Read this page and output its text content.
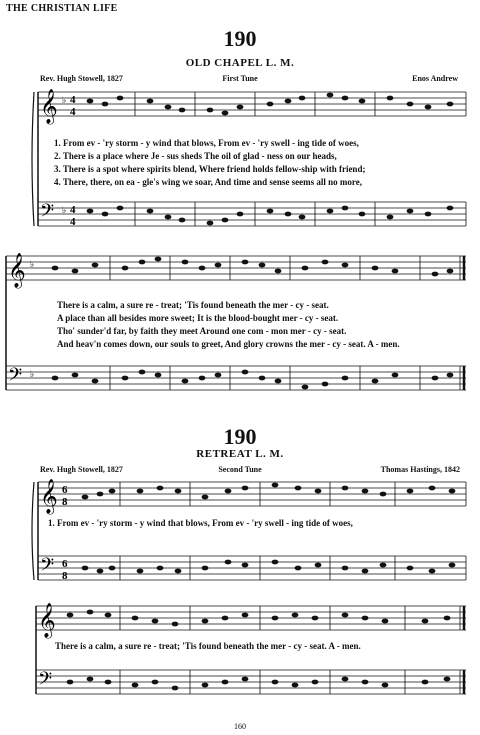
THE CHRISTIAN LIFE
190
OLD CHAPEL L. M.
Rev. Hugh Stowell, 1827	First Tune	Enos Andrew
𝄞
𝄢
♭
♭
4
4
4
4
1. From ev - 'ry storm - y wind that blows, From ev - 'ry swell - ing tide of woes,
2. There is a place where Je - sus sheds The oil of glad - ness on our heads,
3. There is a spot where spirits blend, Where friend holds fellow-ship with friend;
4. There, there, on ea - gle's wing we soar, And time and sense seems all no more,
𝄞
𝄢
♭
♭
There is a calm, a sure re - treat; 'Tis found beneath the mer - cy - seat.
A place than all besides more sweet; It is the blood-bought mer - cy - seat.
Tho' sunder'd far, by faith they meet Around one com - mon mer - cy - seat.
And heav'n comes down, our souls to greet, And glory crowns the mer - cy - seat. A - men.
190
RETREAT L. M.
Rev. Hugh Stowell, 1827	Second Tune	Thomas Hastings, 1842
𝄞
𝄢
6
8
6
8
1. From ev - 'ry storm - y wind that blows, From ev - 'ry swell - ing tide of woes,
𝄞
𝄢
There is a calm, a sure re - treat; 'Tis found beneath the mer - cy - seat. A - men.
160
